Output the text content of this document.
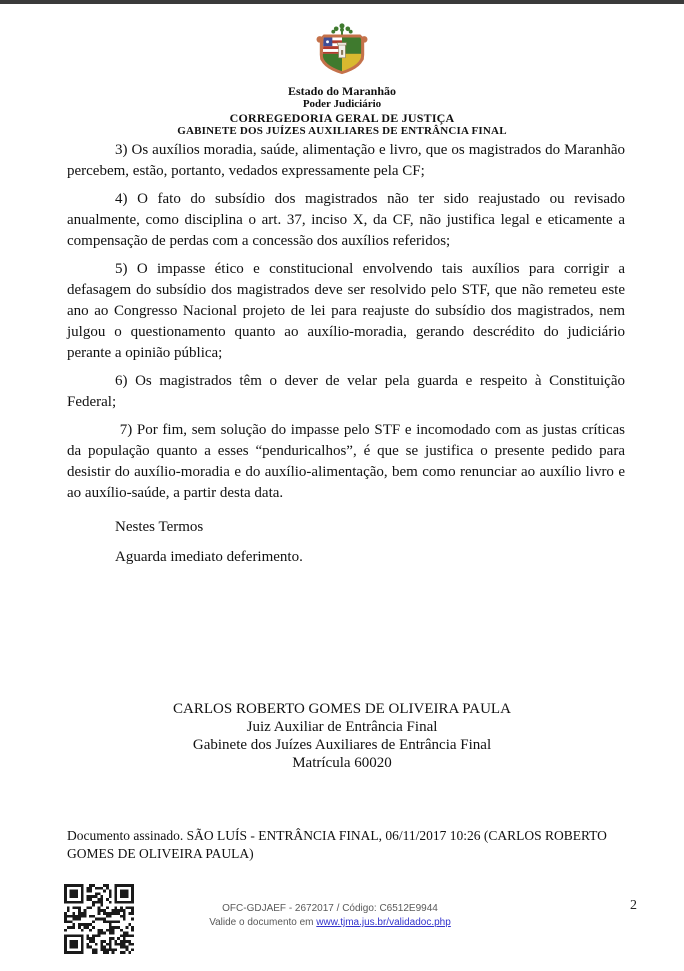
Estado do Maranhão
Poder Judiciário
CORREGEDORIA GERAL DE JUSTIÇA
GABINETE DOS JUÍZES AUXILIARES DE ENTRÂNCIA FINAL

3) Os auxílios moradia, saúde, alimentação e livro, que os magistrados do Maranhão percebem, estão, portanto, vedados expressamente pela CF;

4) O fato do subsídio dos magistrados não ter sido reajustado ou revisado anualmente, como disciplina o art. 37, inciso X, da CF, não justifica legal e eticamente a compensação de perdas com a concessão dos auxílios referidos;

5) O impasse ético e constitucional envolvendo tais auxílios para corrigir a defasagem do subsídio dos magistrados deve ser resolvido pelo STF, que não remeteu este ano ao Congresso Nacional projeto de lei para reajuste do subsídio dos magistrados, nem julgou o questionamento quanto ao auxílio-moradia, gerando descrédito do judiciário perante a opinião pública;

6) Os magistrados têm o dever de velar pela guarda e respeito à Constituição Federal;

7) Por fim, sem solução do impasse pelo STF e incomodado com as justas críticas da população quanto a esses “penduricalhos”, é que se justifica o presente pedido para desistir do auxílio-moradia e do auxílio-alimentação, bem como renunciar ao auxílio livro e ao auxílio-saúde, a partir desta data.

Nestes Termos

Aguarda imediato deferimento.

CARLOS ROBERTO GOMES DE OLIVEIRA PAULA
Juiz Auxiliar de Entrância Final
Gabinete dos Juízes Auxiliares de Entrância Final
Matrícula 60020
Documento assinado. SÃO LUÍS - ENTRÂNCIA FINAL, 06/11/2017 10:26 (CARLOS ROBERTO GOMES DE OLIVEIRA PAULA)
OFC-GDJAEF - 2672017 / Código: C6512E9944
Valide o documento em www.tjma.jus.br/validadoc.php
2
